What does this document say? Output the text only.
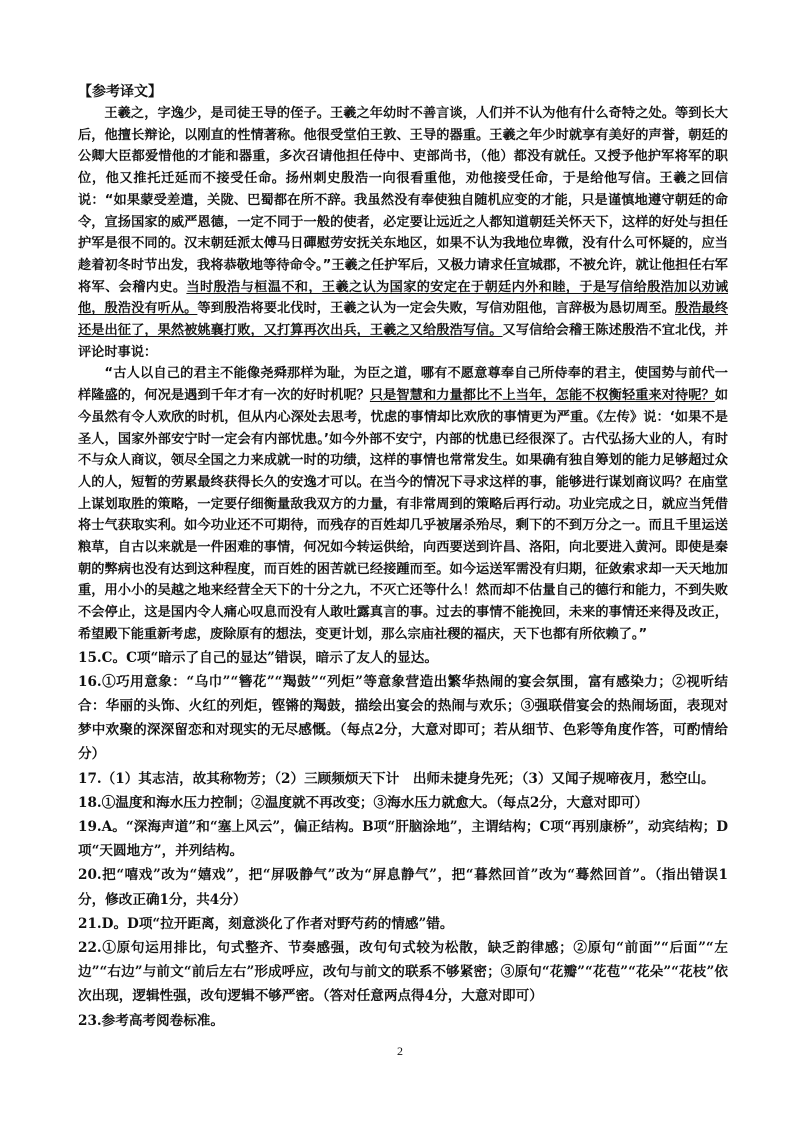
【参考译文】

王羲之，字逸少，是司徒王导的侄子。王羲之年幼时不善言谈，人们并不认为他有什么奇特之处。等到长大后，他擅长辩论，以刚直的性情著称。他很受堂伯王敦、王导的器重。王羲之年少时就享有美好的声誉，朝廷的公卿大臣都爱惜他的才能和器重，多次召请他担任侍中、吏部尚书，（他）都没有就任。又授予他护军将军的职位，他又推托迁延而不接受任命。扬州刺史殷浩一向很看重他，劝他接受任命，于是给他写信。王羲之回信说：“如果蒙受差遣，关陇、巴蜀都在所不辞。我虽然没有奉使独自随机应变的才能，只是谨慎地遵守朝廷的命令，宣扬国家的威严恩德，一定不同于一般的使者，必定要让远近之人都知道朝廷关怀天下，这样的好处与担任护军是很不同的。汉末朝廷派太傅马日磾慰劳安抚关东地区，如果不认为我地位卑微，没有什么可怀疑的，应当趁着初冬时节出发，我将恭敬地等待命令。”王羲之任护军后，又极力请求任宣城郡，不被允许，就让他担任右军将军、会稽内史。当时殷浩与桓温不和，王羲之认为国家的安定在于朝廷内外和睦，于是写信给殷浩加以劝诫他，殷浩没有听从。等到殷浩将要北伐时，王羲之认为一定会失败，写信劝阻他，言辞极为恳切周至。殷浩最终还是出征了，果然被姚襄打败，又打算再次出兵，王羲之又给殷浩写信。又写信给会稽王陈述殷浩不宜北伐，并评论时事说：

“古人以自己的君主不能像尧舜那样为耻，为臣之道，哪有不愿意尊奉自己所侍奉的君主，使国势与前代一样隆盛的，何况是遇到千年才有一次的好时机呢？只是智慧和力量都比不上当年，怎能不权衡轻重来对待呢？如今虽然有令人欢欣的时机，但从内心深处去思考，忧虑的事情却比欢欣的事情更为严重。《左传》说：‘如果不是圣人，国家外部安宁时一定会有内部忧患。’如今外部不安宁，内部的忧患已经很深了。古代弘扬大业的人，有时不与众人商议，领尽全国之力来成就一时的功绩，这样的事情也常常发生。如果确有独自筹划的能力足够超过众人的人，短暂的劳累最终获得长久的安逸才可以。在当今的情况下寻求这样的事，能够进行谋划商议吗？在庙堂上谋划取胜的策略，一定要仔细衡量敌我双方的力量，有非常周到的策略后再行动。功业完成之日，就应当凭借将士气获取实利。如今功业还不可期待，而残存的百姓却几乎被屠杀殆尽，剩下的不到万分之一。而且千里运送粮草，自古以来就是一件困难的事情，何况如今转运供给，向西要送到许昌、洛阳，向北要进入黄河。即使是秦朝的弊病也没有达到这种程度，而百姓的困苦就已经接踵而至。如今运送军需没有归期，征敛索求却一天天地加重，用小小的吴越之地来经营全天下的十分之九，不灭亡还等什么！然而却不估量自己的德行和能力，不到失败不会停止，这是国内令人痛心叹息而没有人敢吐露真言的事。过去的事情不能挽回，未来的事情还来得及改正，希望殿下能重新考虑，废除原有的想法，变更计划，那么宗庙社稷的福庆，天下也都有所依赖了。”

15.C。C项“暗示了自己的显达”错误，暗示了友人的显达。

16.①巧用意象：“乌巾”“簪花”“羯鼓”“列炬”等意象营造出繁华热闹的宴会氛围，富有感染力；②视听结合：华丽的头饰、火红的列炬，铿锵的羯鼓，描绘出宴会的热闹与欢乐；③强联借宴会的热闹场面，表现对梦中欢聚的深深留恋和对现实的无尽感慨。（每点2分，大意对即可；若从细节、色彩等角度作答，可酌情给分）

17.（1）其志洁，故其称物芳；（2）三顾频烦天下计　出师未捷身先死；（3）又闻子规啼夜月，愁空山。

18.①温度和海水压力控制；②温度就不再改变；③海水压力就愈大。（每点2分，大意对即可）

19.A。“深海声道”和“塞上风云”，偏正结构。B项“肝脑涂地”，主谓结构；C项“再别康桥”，动宾结构；D项“天圆地方”，并列结构。

20.把“嘻戏”改为“嬉戏”，把“屏吸静气”改为“屏息静气”，把“暮然回首”改为“蓦然回首”。（指出错误1分，修改正确1分，共4分）

21.D。D项“拉开距离，刻意淡化了作者对野芍药的情感”错。

22.①原句运用排比，句式整齐、节奏感强，改句句式较为松散，缺乏韵律感；②原句“前面”“后面”“左边”“右边”与前文“前后左右”形成呼应，改句与前文的联系不够紧密；③原句“花瓣”“花苞”“花朵”“花枝”依次出现，逻辑性强，改句逻辑不够严密。（答对任意两点得4分，大意对即可）

23.参考高考阅卷标准。

2
